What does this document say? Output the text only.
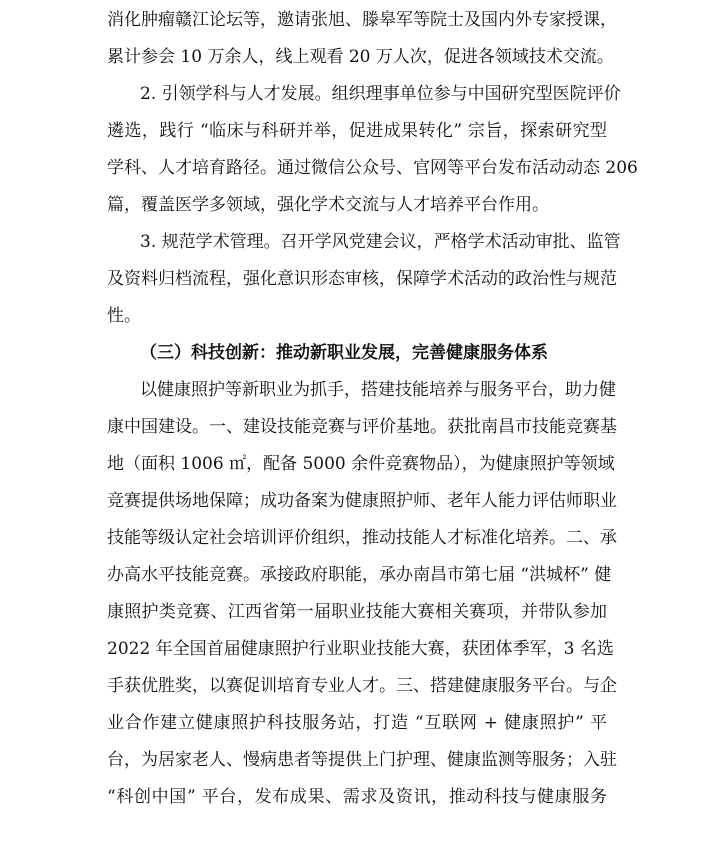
消化肿瘤赣江论坛等，邀请张旭、滕皋军等院士及国内外专家授课，
累计参会 10 万余人，线上观看 20 万人次，促进各领域技术交流。
2. 引领学科与人才发展。组织理事单位参与中国研究型医院评价
遴选，践行 “临床与科研并举，促进成果转化” 宗旨，探索研究型
学科、人才培育路径。通过微信公众号、官网等平台发布活动动态 206
篇，覆盖医学多领域，强化学术交流与人才培养平台作用。
3. 规范学术管理。召开学风党建会议，严格学术活动审批、监管
及资料归档流程，强化意识形态审核，保障学术活动的政治性与规范
性。
（三）科技创新：推动新职业发展，完善健康服务体系
以健康照护等新职业为抓手，搭建技能培养与服务平台，助力健
康中国建设。一、建设技能竞赛与评价基地。获批南昌市技能竞赛基
地（面积 1006 ㎡，配备 5000 余件竞赛物品），为健康照护等领域
竞赛提供场地保障；成功备案为健康照护师、老年人能力评估师职业
技能等级认定社会培训评价组织，推动技能人才标准化培养。二、承
办高水平技能竞赛。承接政府职能，承办南昌市第七届 “洪城杯” 健
康照护类竞赛、江西省第一届职业技能大赛相关赛项，并带队参加
2022 年全国首届健康照护行业职业技能大赛，获团体季军，3 名选
手获优胜奖，以赛促训培育专业人才。三、搭建健康服务平台。与企
业合作建立健康照护科技服务站，打造 “互联网 + 健康照护” 平
台，为居家老人、慢病患者等提供上门护理、健康监测等服务；入驻
“科创中国” 平台，发布成果、需求及资讯，推动科技与健康服务
